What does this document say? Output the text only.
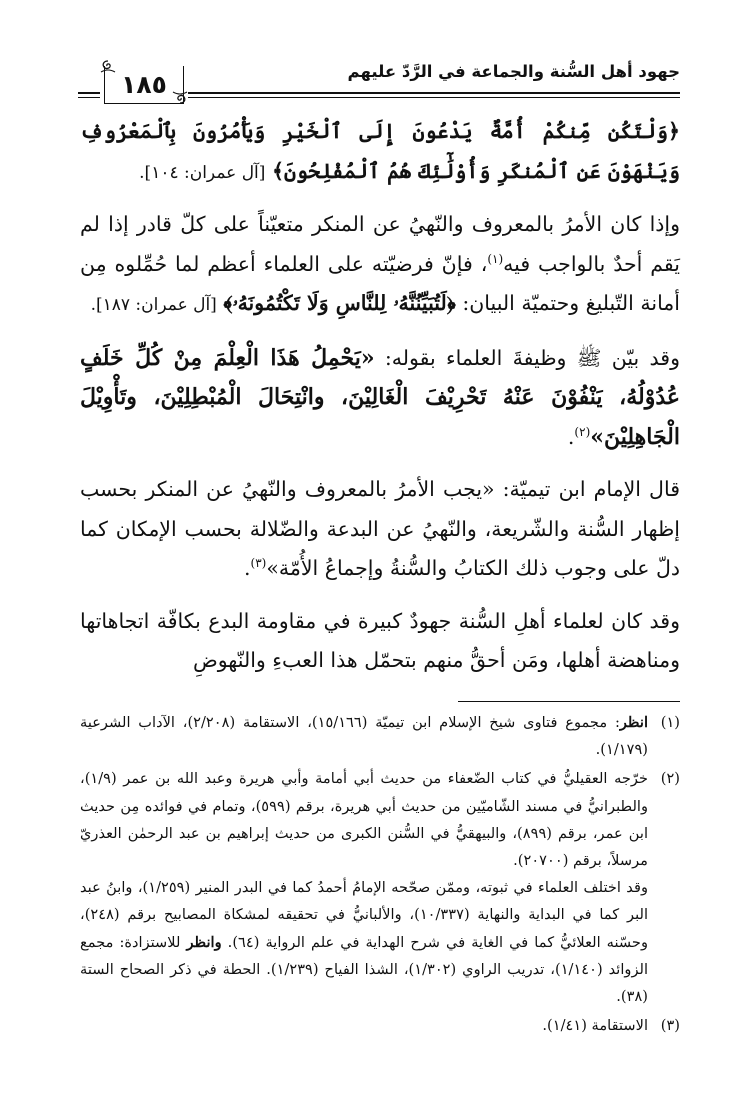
جهود أهل السُّنة والجماعة في الرَّدّ عليهم
١٨٥

﴿وَلْتَكُن مِّنكُمْ أُمَّةٌ يَدْعُونَ إِلَى ٱلْخَيْرِ وَيَأْمُرُونَ بِٱلْمَعْرُوفِ وَيَنْهَوْنَ عَنِ ٱلْمُنكَرِ وَأُوْلَٰٓئِكَ هُمُ ٱلْمُفْلِحُونَ﴾ [آل عمران: ١٠٤].

وإذا كان الأمرُ بالمعروف والنّهيُ عن المنكر متعيّناً على كلّ قادر إذا لم يَقم أحدٌ بالواجب فيه$^{(١)}$، فإنّ فرضيّته على العلماء أعظم لما حُمِّلوه مِن أمانة التّبليغ وحتميّة البيان: ﴿لَتُبَيِّنُنَّهُۥ لِلنَّاسِ وَلَا تَكْتُمُونَهُۥ﴾ [آل عمران: ١٨٧].

وقد بيّن ﷺ وظيفةَ العلماء بقوله: «يَحْمِلُ هَذَا الْعِلْمَ مِنْ كُلِّ خَلَفٍ عُدُوْلُهُ، يَنْفُوْنَ عَنْهُ تَحْرِيْفَ الْغَالِيْنَ، وانْتِحَالَ الْمُبْطِلِيْنَ، وتَأْوِيْلَ الْجَاهِلِيْنَ»$^{(٢)}$.

قال الإمام ابن تيميّة: «يجب الأمرُ بالمعروف والنّهيُ عن المنكر بحسب إظهار السُّنة والشّريعة، والنّهيُ عن البدعة والضّلالة بحسب الإمكان كما دلّ على وجوب ذلك الكتابُ والسُّنةُ وإجماعُ الأُمّة»$^{(٣)}$.

وقد كان لعلماء أهلِ السُّنة جهودٌ كبيرة في مقاومة البدع بكافّة اتجاهاتها ومناهضة أهلها، ومَن أحقُّ منهم بتحمّل هذا العبءِ والنّهوضِ

(١)
انظر: مجموع فتاوى شيخ الإسلام ابن تيميّة (١٥/١٦٦)، الاستقامة (٢/٢٠٨)، الآداب الشرعية (١/١٧٩).
(٢)
خرّجه العقيليُّ في كتاب الضّعفاء من حديث أبي أمامة وأبي هريرة وعبد الله بن عمر (١/٩)، والطبرانيُّ في مسند الشّاميّين من حديث أبي هريرة، برقم (٥٩٩)، وتمام في فوائده مِن حديث ابن عمر، برقم (٨٩٩)، والبيهقيُّ في السُّنن الكبرى من حديث إبراهيم بن عبد الرحمٰن العذريّ مرسلاً، برقم (٢٠٧٠٠).
وقد اختلف العلماء في ثبوته، وممّن صحّحه الإمامُ أحمدُ كما في البدر المنير (١/٢٥٩)، وابنُ عبد البر كما في البداية والنهاية (١٠/٣٣٧)، والألبانيُّ في تحقيقه لمشكاة المصابيح برقم (٢٤٨)، وحسّنه العلائيُّ كما في الغاية في شرح الهداية في علم الرواية (٦٤). وانظر للاستزادة: مجمع الزوائد (١/١٤٠)، تدريب الراوي (١/٣٠٢)، الشذا الفياح (١/٢٣٩). الحطة في ذكر الصحاح الستة (٣٨).
(٣)
الاستقامة (١/٤١).
